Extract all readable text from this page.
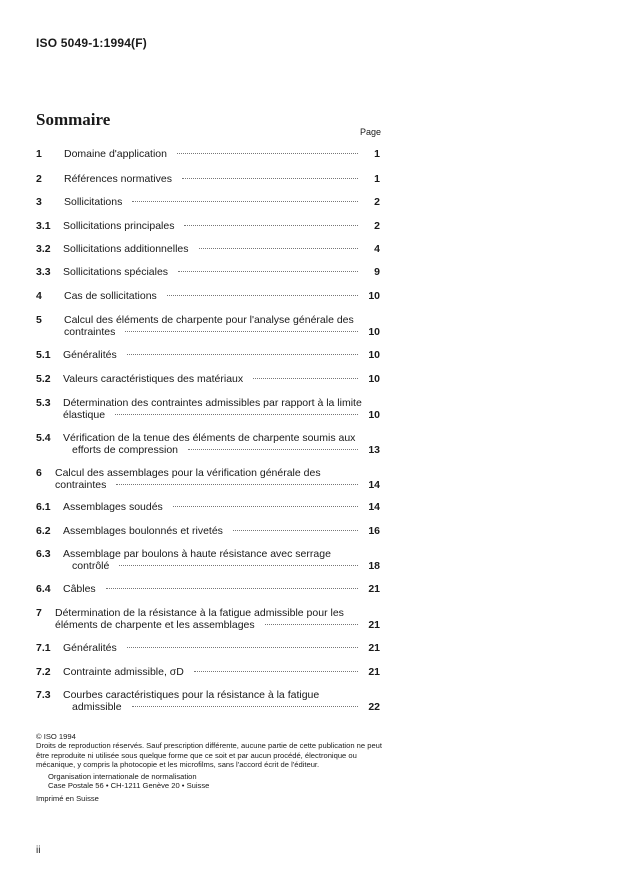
ISO 5049-1:1994(F)
Sommaire
Page
1 Domaine d'application	1
2 Références normatives	1
3 Sollicitations	2
3.1 Sollicitations principales	2
3.2 Sollicitations additionnelles	4
3.3 Sollicitations spéciales	9
4 Cas de sollicitations	10
5 Calcul des éléments de charpente pour l'analyse générale des
contraintes	10
5.1 Généralités	10
5.2 Valeurs caractéristiques des matériaux	10
5.3 Détermination des contraintes admissibles par rapport à la limite
élastique	10
5.4 Vérification de la tenue des éléments de charpente soumis aux
efforts de compression	13
6 Calcul des assemblages pour la vérification générale des
contraintes	14
6.1 Assemblages soudés	14
6.2 Assemblages boulonnés et rivetés	16
6.3 Assemblage par boulons à haute résistance avec serrage
contrôlé	18
6.4 Câbles	21
7 Détermination de la résistance à la fatigue admissible pour les
éléments de charpente et les assemblages	21
7.1 Généralités	21
7.2 Contrainte admissible, σD	21
7.3 Courbes caractéristiques pour la résistance à la fatigue
admissible	22

© ISO 1994

Droits de reproduction réservés. Sauf prescription différente, aucune partie de cette publication ne peut être reproduite ni utilisée sous quelque forme que ce soit et par aucun procédé, électronique ou mécanique, y compris la photocopie et les microfilms, sans l'accord écrit de l'éditeur.

Organisation internationale de normalisation

Case Postale 56 • CH-1211 Genève 20 • Suisse

Imprimé en Suisse

ii
